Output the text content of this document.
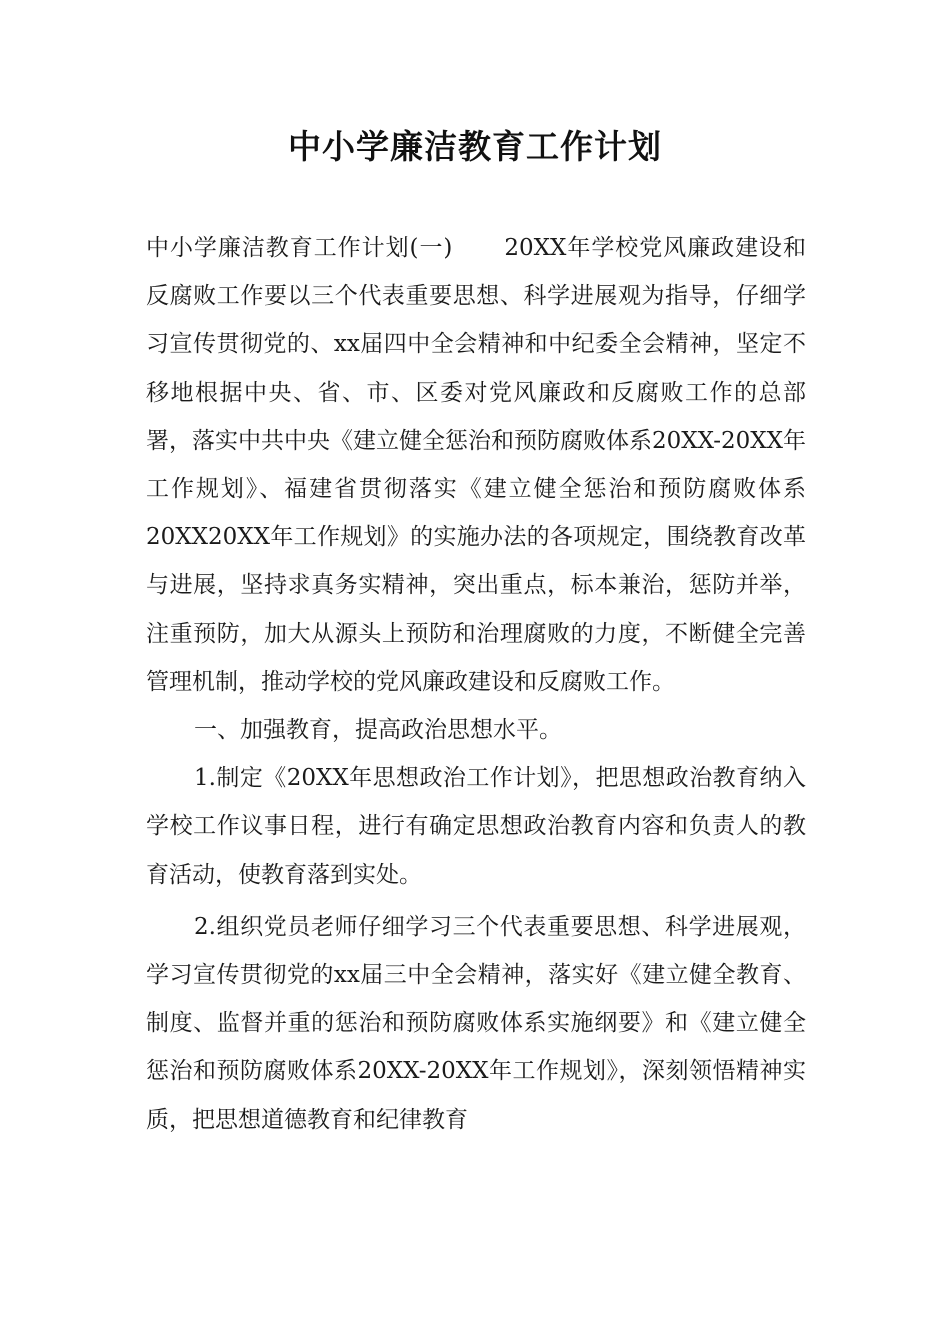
中小学廉洁教育工作计划

中小学廉洁教育工作计划(一) 20XX年学校党风廉政建设和反腐败工作要以三个代表重要思想、科学进展观为指导，仔细学习宣传贯彻党的、xx届四中全会精神和中纪委全会精神，坚定不移地根据中央、省、市、区委对党风廉政和反腐败工作的总部署，落实中共中央《建立健全惩治和预防腐败体系20XX-20XX年工作规划》、福建省贯彻落实《建立健全惩治和预防腐败体系20XX20XX年工作规划》的实施办法的各项规定，围绕教育改革与进展，坚持求真务实精神，突出重点，标本兼治，惩防并举，注重预防，加大从源头上预防和治理腐败的力度，不断健全完善管理机制，推动学校的党风廉政建设和反腐败工作。

一、加强教育，提高政治思想水平。

1.制定《20XX年思想政治工作计划》，把思想政治教育纳入学校工作议事日程，进行有确定思想政治教育内容和负责人的教育活动，使教育落到实处。

2.组织党员老师仔细学习三个代表重要思想、科学进展观，学习宣传贯彻党的xx届三中全会精神，落实好《建立健全教育、制度、监督并重的惩治和预防腐败体系实施纲要》和《建立健全惩治和预防腐败体系20XX-20XX年工作规划》，深刻领悟精神实质，把思想道德教育和纪律教育
